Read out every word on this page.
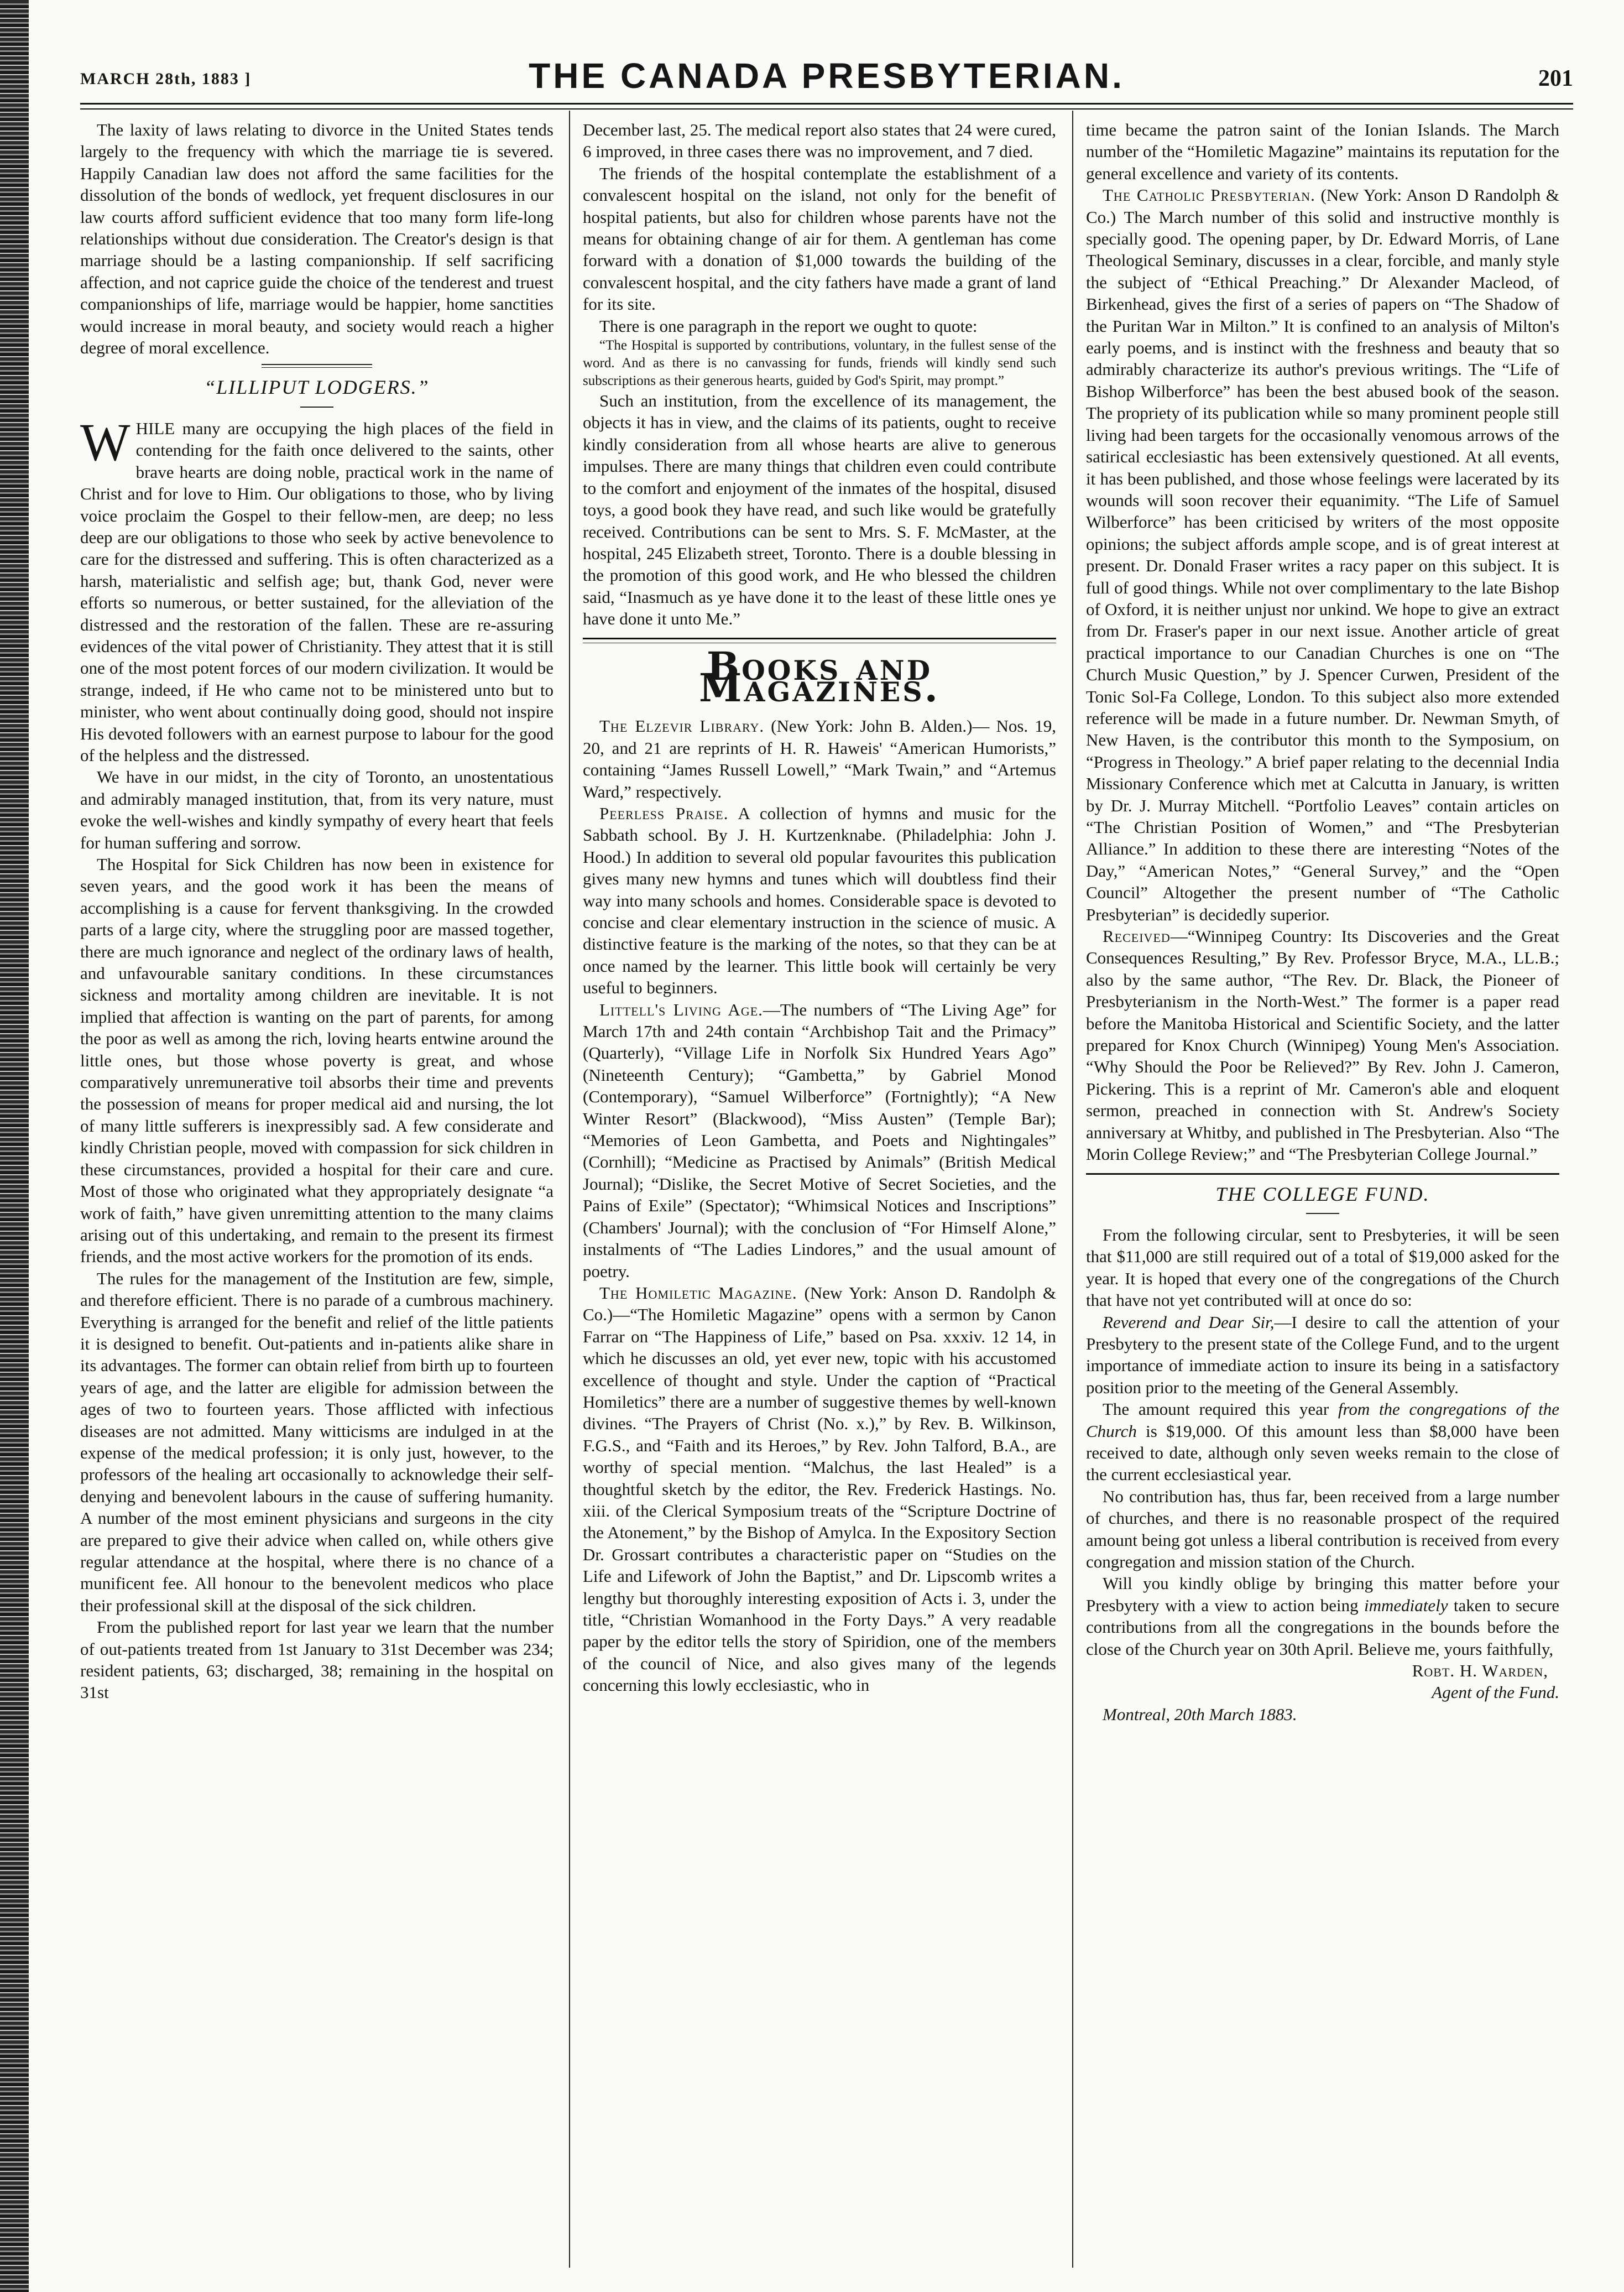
MARCH 28th, 1883 ]	THE CANADA PRESBYTERIAN.	201

The laxity of laws relating to divorce in the United States tends largely to the frequency with which the marriage tie is severed. Happily Canadian law does not afford the same facilities for the dissolution of the bonds of wedlock, yet frequent disclosures in our law courts afford sufficient evidence that too many form life-long relationships without due consideration. The Creator's design is that marriage should be a lasting companionship. If self sacrificing affection, and not caprice guide the choice of the tenderest and truest companionships of life, marriage would be happier, home sanctities would increase in moral beauty, and society would reach a higher degree of moral excellence.

“LILLIPUT LODGERS.”

WHILE many are occupying the high places of the field in contending for the faith once delivered to the saints, other brave hearts are doing noble, practical work in the name of Christ and for love to Him. Our obligations to those, who by living voice proclaim the Gospel to their fellow-men, are deep; no less deep are our obligations to those who seek by active benevolence to care for the distressed and suffering. This is often characterized as a harsh, materialistic and selfish age; but, thank God, never were efforts so numerous, or better sustained, for the alleviation of the distressed and the restoration of the fallen. These are re-assuring evidences of the vital power of Christianity. They attest that it is still one of the most potent forces of our modern civilization. It would be strange, indeed, if He who came not to be ministered unto but to minister, who went about continually doing good, should not inspire His devoted followers with an earnest purpose to labour for the good of the helpless and the distressed.

We have in our midst, in the city of Toronto, an unostentatious and admirably managed institution, that, from its very nature, must evoke the well-wishes and kindly sympathy of every heart that feels for human suffering and sorrow.

The Hospital for Sick Children has now been in existence for seven years, and the good work it has been the means of accomplishing is a cause for fervent thanksgiving. In the crowded parts of a large city, where the struggling poor are massed together, there are much ignorance and neglect of the ordinary laws of health, and unfavourable sanitary conditions. In these circumstances sickness and mortality among children are inevitable. It is not implied that affection is wanting on the part of parents, for among the poor as well as among the rich, loving hearts entwine around the little ones, but those whose poverty is great, and whose comparatively unremunerative toil absorbs their time and prevents the possession of means for proper medical aid and nursing, the lot of many little sufferers is inexpressibly sad. A few considerate and kindly Christian people, moved with compassion for sick children in these circumstances, provided a hospital for their care and cure. Most of those who originated what they appropriately designate “a work of faith,” have given unremitting attention to the many claims arising out of this undertaking, and remain to the present its firmest friends, and the most active workers for the promotion of its ends.

The rules for the management of the Institution are few, simple, and therefore efficient. There is no parade of a cumbrous machinery. Everything is arranged for the benefit and relief of the little patients it is designed to benefit. Out-patients and in-patients alike share in its advantages. The former can obtain relief from birth up to fourteen years of age, and the latter are eligible for admission between the ages of two to fourteen years. Those afflicted with infectious diseases are not admitted. Many witticisms are indulged in at the expense of the medical profession; it is only just, however, to the professors of the healing art occasionally to acknowledge their self-denying and benevolent labours in the cause of suffering humanity. A number of the most eminent physicians and surgeons in the city are prepared to give their advice when called on, while others give regular attendance at the hospital, where there is no chance of a munificent fee. All honour to the benevolent medicos who place their professional skill at the disposal of the sick children.

From the published report for last year we learn that the number of out-patients treated from 1st January to 31st December was 234; resident patients, 63; discharged, 38; remaining in the hospital on 31st

December last, 25. The medical report also states that 24 were cured, 6 improved, in three cases there was no improvement, and 7 died.

The friends of the hospital contemplate the establishment of a convalescent hospital on the island, not only for the benefit of hospital patients, but also for children whose parents have not the means for obtaining change of air for them. A gentleman has come forward with a donation of $1,000 towards the building of the convalescent hospital, and the city fathers have made a grant of land for its site.

There is one paragraph in the report we ought to quote:

“The Hospital is supported by contributions, voluntary, in the fullest sense of the word. And as there is no canvassing for funds, friends will kindly send such subscriptions as their generous hearts, guided by God's Spirit, may prompt.”

Such an institution, from the excellence of its management, the objects it has in view, and the claims of its patients, ought to receive kindly consideration from all whose hearts are alive to generous impulses. There are many things that children even could contribute to the comfort and enjoyment of the inmates of the hospital, disused toys, a good book they have read, and such like would be gratefully received. Contributions can be sent to Mrs. S. F. McMaster, at the hospital, 245 Elizabeth street, Toronto. There is a double blessing in the promotion of this good work, and He who blessed the children said, “Inasmuch as ye have done it to the least of these little ones ye have done it unto Me.”

Books and Magazines.

The Elzevir Library. (New York: John B. Alden.)— Nos. 19, 20, and 21 are reprints of H. R. Haweis' “American Humorists,” containing “James Russell Lowell,” “Mark Twain,” and “Artemus Ward,” respectively.

Peerless Praise. A collection of hymns and music for the Sabbath school. By J. H. Kurtzenknabe. (Philadelphia: John J. Hood.) In addition to several old popular favourites this publication gives many new hymns and tunes which will doubtless find their way into many schools and homes. Considerable space is devoted to concise and clear elementary instruction in the science of music. A distinctive feature is the marking of the notes, so that they can be at once named by the learner. This little book will certainly be very useful to beginners.

Littell's Living Age.—The numbers of “The Living Age” for March 17th and 24th contain “Archbishop Tait and the Primacy” (Quarterly), “Village Life in Norfolk Six Hundred Years Ago” (Nineteenth Century); “Gambetta,” by Gabriel Monod (Contemporary), “Samuel Wilberforce” (Fortnightly); “A New Winter Resort” (Blackwood), “Miss Austen” (Temple Bar); “Memories of Leon Gambetta, and Poets and Nightingales” (Cornhill); “Medicine as Practised by Animals” (British Medical Journal); “Dislike, the Secret Motive of Secret Societies, and the Pains of Exile” (Spectator); “Whimsical Notices and Inscriptions” (Chambers' Journal); with the conclusion of “For Himself Alone,” instalments of “The Ladies Lindores,” and the usual amount of poetry.

The Homiletic Magazine. (New York: Anson D. Randolph & Co.)—“The Homiletic Magazine” opens with a sermon by Canon Farrar on “The Happiness of Life,” based on Psa. xxxiv. 12 14, in which he discusses an old, yet ever new, topic with his accustomed excellence of thought and style. Under the caption of “Practical Homiletics” there are a number of suggestive themes by well-known divines. “The Prayers of Christ (No. x.),” by Rev. B. Wilkinson, F.G.S., and “Faith and its Heroes,” by Rev. John Talford, B.A., are worthy of special mention. “Malchus, the last Healed” is a thoughtful sketch by the editor, the Rev. Frederick Hastings. No. xiii. of the Clerical Symposium treats of the “Scripture Doctrine of the Atonement,” by the Bishop of Amylca. In the Expository Section Dr. Grossart contributes a characteristic paper on “Studies on the Life and Lifework of John the Baptist,” and Dr. Lipscomb writes a lengthy but thoroughly interesting exposition of Acts i. 3, under the title, “Christian Womanhood in the Forty Days.” A very readable paper by the editor tells the story of Spiridion, one of the members of the council of Nice, and also gives many of the legends concerning this lowly ecclesiastic, who in

time became the patron saint of the Ionian Islands. The March number of the “Homiletic Magazine” maintains its reputation for the general excellence and variety of its contents.

The Catholic Presbyterian. (New York: Anson D Randolph & Co.) The March number of this solid and instructive monthly is specially good. The opening paper, by Dr. Edward Morris, of Lane Theological Seminary, discusses in a clear, forcible, and manly style the subject of “Ethical Preaching.” Dr Alexander Macleod, of Birkenhead, gives the first of a series of papers on “The Shadow of the Puritan War in Milton.” It is confined to an analysis of Milton's early poems, and is instinct with the freshness and beauty that so admirably characterize its author's previous writings. The “Life of Bishop Wilberforce” has been the best abused book of the season. The propriety of its publication while so many prominent people still living had been targets for the occasionally venomous arrows of the satirical ecclesiastic has been extensively questioned. At all events, it has been published, and those whose feelings were lacerated by its wounds will soon recover their equanimity. “The Life of Samuel Wilberforce” has been criticised by writers of the most opposite opinions; the subject affords ample scope, and is of great interest at present. Dr. Donald Fraser writes a racy paper on this subject. It is full of good things. While not over complimentary to the late Bishop of Oxford, it is neither unjust nor unkind. We hope to give an extract from Dr. Fraser's paper in our next issue. Another article of great practical importance to our Canadian Churches is one on “The Church Music Question,” by J. Spencer Curwen, President of the Tonic Sol-Fa College, London. To this subject also more extended reference will be made in a future number. Dr. Newman Smyth, of New Haven, is the contributor this month to the Symposium, on “Progress in Theology.” A brief paper relating to the decennial India Missionary Conference which met at Calcutta in January, is written by Dr. J. Murray Mitchell. “Portfolio Leaves” contain articles on “The Christian Position of Women,” and “The Presbyterian Alliance.” In addition to these there are interesting “Notes of the Day,” “American Notes,” “General Survey,” and the “Open Council” Altogether the present number of “The Catholic Presbyterian” is decidedly superior.

Received—“Winnipeg Country: Its Discoveries and the Great Consequences Resulting,” By Rev. Professor Bryce, M.A., LL.B.; also by the same author, “The Rev. Dr. Black, the Pioneer of Presbyterianism in the North-West.” The former is a paper read before the Manitoba Historical and Scientific Society, and the latter prepared for Knox Church (Winnipeg) Young Men's Association. “Why Should the Poor be Relieved?” By Rev. John J. Cameron, Pickering. This is a reprint of Mr. Cameron's able and eloquent sermon, preached in connection with St. Andrew's Society anniversary at Whitby, and published in The Presbyterian. Also “The Morin College Review;” and “The Presbyterian College Journal.”

THE COLLEGE FUND.

From the following circular, sent to Presbyteries, it will be seen that $11,000 are still required out of a total of $19,000 asked for the year. It is hoped that every one of the congregations of the Church that have not yet contributed will at once do so:

Reverend and Dear Sir,—I desire to call the attention of your Presbytery to the present state of the College Fund, and to the urgent importance of immediate action to insure its being in a satisfactory position prior to the meeting of the General Assembly.

The amount required this year from the congregations of the Church is $19,000. Of this amount less than $8,000 have been received to date, although only seven weeks remain to the close of the current ecclesiastical year.

No contribution has, thus far, been received from a large number of churches, and there is no reasonable prospect of the required amount being got unless a liberal contribution is received from every congregation and mission station of the Church.

Will you kindly oblige by bringing this matter before your Presbytery with a view to action being immediately taken to secure contributions from all the congregations in the bounds before the close of the Church year on 30th April. Believe me, yours faithfully,

Robt. H. Warden,

Agent of the Fund.

Montreal, 20th March 1883.
